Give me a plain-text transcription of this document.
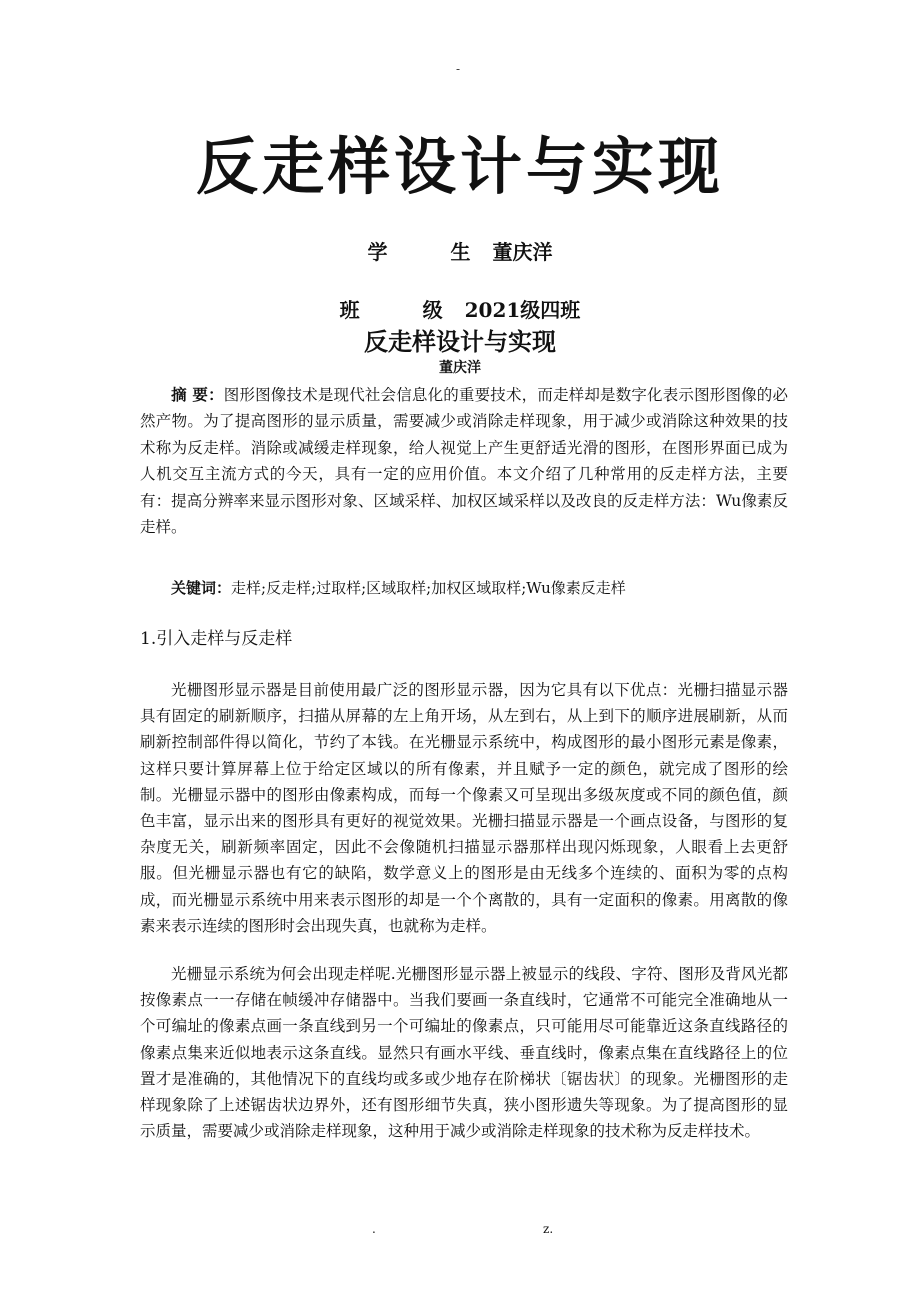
-
反走样设计与实现
学 生董庆洋
班 级2021级四班
反走样设计与实现
董庆洋
摘 要：图形图像技术是现代社会信息化的重要技术，而走样却是数字化表示图形图像的必然产物。为了提高图形的显示质量，需要减少或消除走样现象，用于减少或消除这种效果的技术称为反走样。消除或减缓走样现象，给人视觉上产生更舒适光滑的图形，在图形界面已成为人机交互主流方式的今天，具有一定的应用价值。本文介绍了几种常用的反走样方法，主要有：提高分辨率来显示图形对象、区域采样、加权区域采样以及改良的反走样方法：Wu像素反走样。
关键词：走样;反走样;过取样;区域取样;加权区域取样;Wu像素反走样
1.引入走样与反走样
光栅图形显示器是目前使用最广泛的图形显示器，因为它具有以下优点：光栅扫描显示器具有固定的刷新顺序，扫描从屏幕的左上角开场，从左到右，从上到下的顺序进展刷新，从而刷新控制部件得以简化，节约了本钱。在光栅显示系统中，构成图形的最小图形元素是像素，这样只要计算屏幕上位于给定区域以的所有像素，并且赋予一定的颜色，就完成了图形的绘制。光栅显示器中的图形由像素构成，而每一个像素又可呈现出多级灰度或不同的颜色值，颜色丰富，显示出来的图形具有更好的视觉效果。光栅扫描显示器是一个画点设备，与图形的复杂度无关，刷新频率固定，因此不会像随机扫描显示器那样出现闪烁现象，人眼看上去更舒服。但光栅显示器也有它的缺陷，数学意义上的图形是由无线多个连续的、面积为零的点构成，而光栅显示系统中用来表示图形的却是一个个离散的，具有一定面积的像素。用离散的像素来表示连续的图形时会出现失真，也就称为走样。
光栅显示系统为何会出现走样呢.光栅图形显示器上被显示的线段、字符、图形及背风光都按像素点一一存储在帧缓冲存储器中。当我们要画一条直线时，它通常不可能完全准确地从一个可编址的像素点画一条直线到另一个可编址的像素点，只可能用尽可能靠近这条直线路径的像素点集来近似地表示这条直线。显然只有画水平线、垂直线时，像素点集在直线路径上的位置才是准确的，其他情况下的直线均或多或少地存在阶梯状〔锯齿状〕的现象。光栅图形的走样现象除了上述锯齿状边界外，还有图形细节失真，狭小图形遗失等现象。为了提高图形的显示质量，需要减少或消除走样现象，这种用于减少或消除走样现象的技术称为反走样技术。
.	z.
